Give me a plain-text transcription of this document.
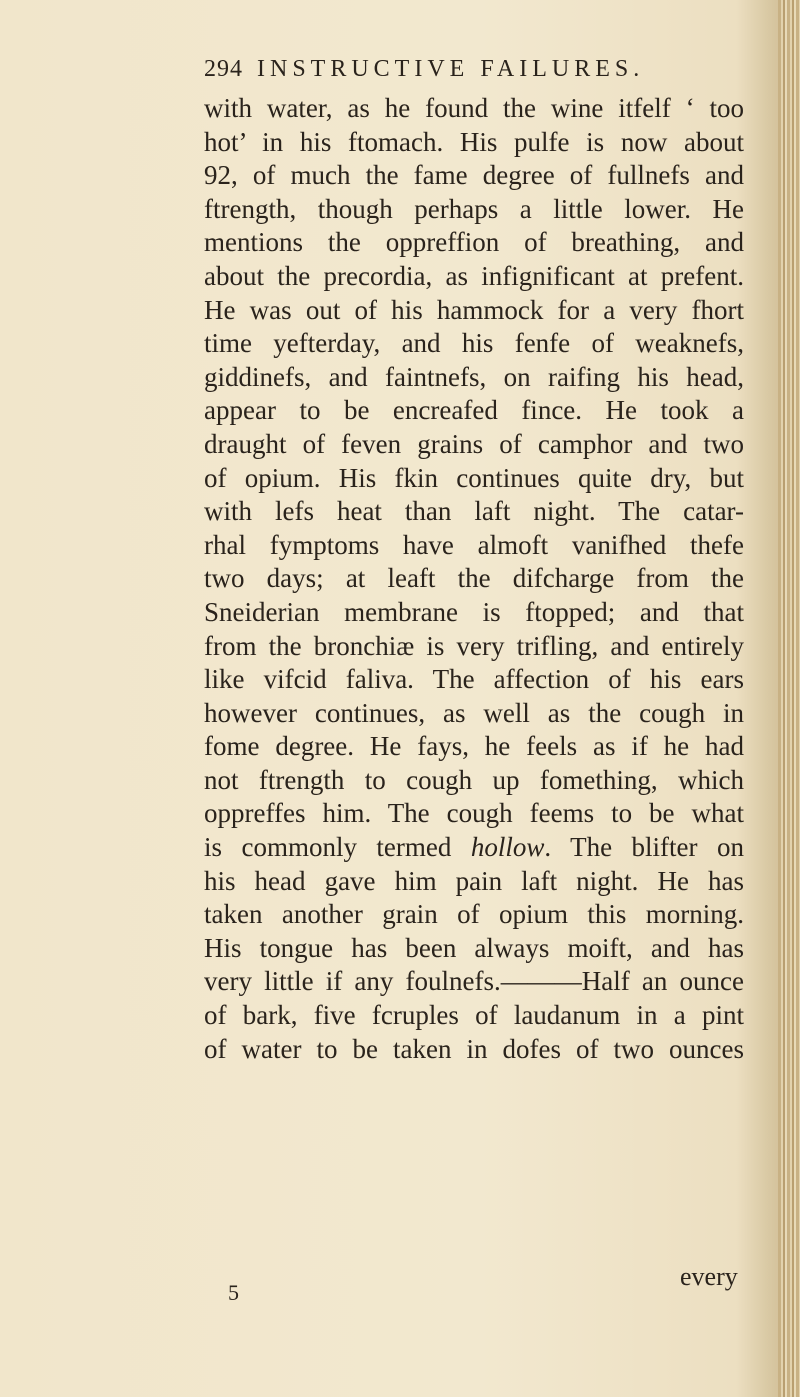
294 INSTRUCTIVE FAILURES.
with water, as he found the wine itfelf ‘ too
hot’ in his ftomach. His pulfe is now about
92, of much the fame degree of fullnefs and
ftrength, though perhaps a little lower. He
mentions the oppreffion of breathing, and
about the precordia, as infignificant at prefent.
He was out of his hammock for a very fhort
time yefterday, and his fenfe of weaknefs,
giddinefs, and faintnefs, on raifing his head,
appear to be encreafed fince. He took a
draught of feven grains of camphor and two
of opium. His fkin continues quite dry, but
with lefs heat than laft night. The catar-
rhal fymptoms have almoft vanifhed thefe
two days; at leaft the difcharge from the
Sneiderian membrane is ftopped; and that
from the bronchiæ is very trifling, and entirely
like vifcid faliva. The affection of his ears
however continues, as well as the cough in
fome degree. He fays, he feels as if he had
not ftrength to cough up fomething, which
oppreffes him. The cough feems to be what
is commonly termed hollow. The blifter on
his head gave him pain laft night. He has
taken another grain of opium this morning.
His tongue has been always moift, and has
very little if any foulnefs.———Half an ounce
of bark, five fcruples of laudanum in a pint
of water to be taken in dofes of two ounces
5
every
